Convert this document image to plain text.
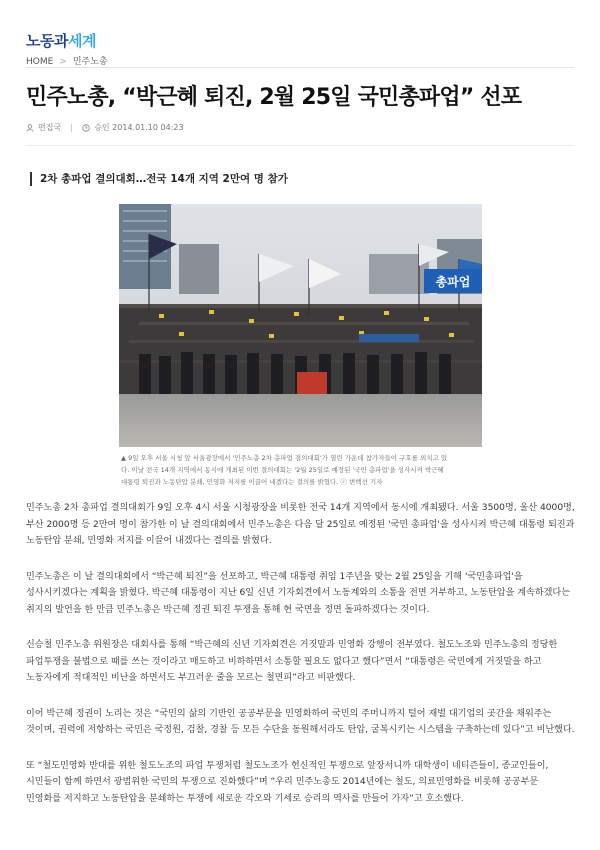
노동과세계
HOME > 민주노총
민주노총, “박근혜 퇴진, 2월 25일 국민총파업” 선포
편집국	승인 2014.01.10 04:23
2차 총파업 결의대회…전국 14개 지역 2만여 명 참가
총파업
▲ 9일 오후 서울 시청 앞 서울광장에서 '민주노총 2차 총파업 결의대회'가 열린 가운데 참가자들이 구호를 외치고 있다. 이날 전국 14개 지역에서 동시에 개최된 이번 결의대회는 '2월 25일로 예정된 '국민 총파업'을 성사시켜 박근혜 대통령 퇴진과 노동탄압 분쇄, 민영화 저지를 이끌어 내겠다는 결의를 밝혔다. ⓒ 변백선 기자

민주노총 2차 총파업 결의대회가 9일 오후 4시 서울 시청광장을 비롯한 전국 14개 지역에서 동시에 개최됐다. 서울 3500명, 울산 4000명, 부산 2000명 등 2만여 명이 참가한 이 날 결의대회에서 민주노총은 다음 달 25일로 예정된 '국민 총파업'을 성사시켜 박근혜 대통령 퇴진과 노동탄압 분쇄, 민영화 저지를 이끌어 내겠다는 결의를 밝혔다.

민주노총은 이 날 결의대회에서 “박근혜 퇴진”을 선포하고, 박근혜 대통령 취임 1주년을 맞는 2월 25일을 기해 '국민총파업'을 성사시키겠다는 계획을 밝혔다. 박근혜 대통령이 지난 6일 신년 기자회견에서 노동계와의 소통을 전면 거부하고, 노동탄압을 계속하겠다는 취지의 발언을 한 만큼 민주노총은 박근혜 정권 퇴진 투쟁을 통해 현 국면을 정면 돌파하겠다는 것이다.

신승철 민주노총 위원장은 대회사를 통해 “박근혜의 신년 기자회견은 거짓말과 민영화 강행이 전부였다. 철도노조와 민주노총의 정당한 파업투쟁을 불법으로 때를 쓰는 것이라고 매도하고 비하하면서 소통할 필요도 없다고 했다”면서 “대통령은 국민에게 거짓말을 하고 노동자에게 적대적인 비난을 하면서도 부끄러운 줄을 모르는 철면피”라고 비판했다.

이어 박근혜 정권이 노리는 것은 “국민의 삶의 기반인 공공부문을 민영화하여 국민의 주머니까지 털어 재벌 대기업의 곳간을 채워주는 것이며, 권력에 저항하는 국민은 국정원, 검찰, 경찰 등 모든 수단을 동원해서라도 탄압, 굴복시키는 시스템을 구축하는데 있다”고 비난했다.

또 “철도민영화 반대를 위한 철도노조의 파업 투쟁처럼 철도노조가 헌신적인 투쟁으로 앞장서니까 대학생이 네티즌들이, 종교인들이, 시민들이 함께 하면서 광범위한 국민의 투쟁으로 진화했다”며 “우리 민주노총도 2014년에는 철도, 의료민영화를 비롯해 공공부문 민영화를 저지하고 노동탄압을 분쇄하는 투쟁에 새로운 각오와 기세로 승리의 역사를 만들어 가자”고 호소했다.
